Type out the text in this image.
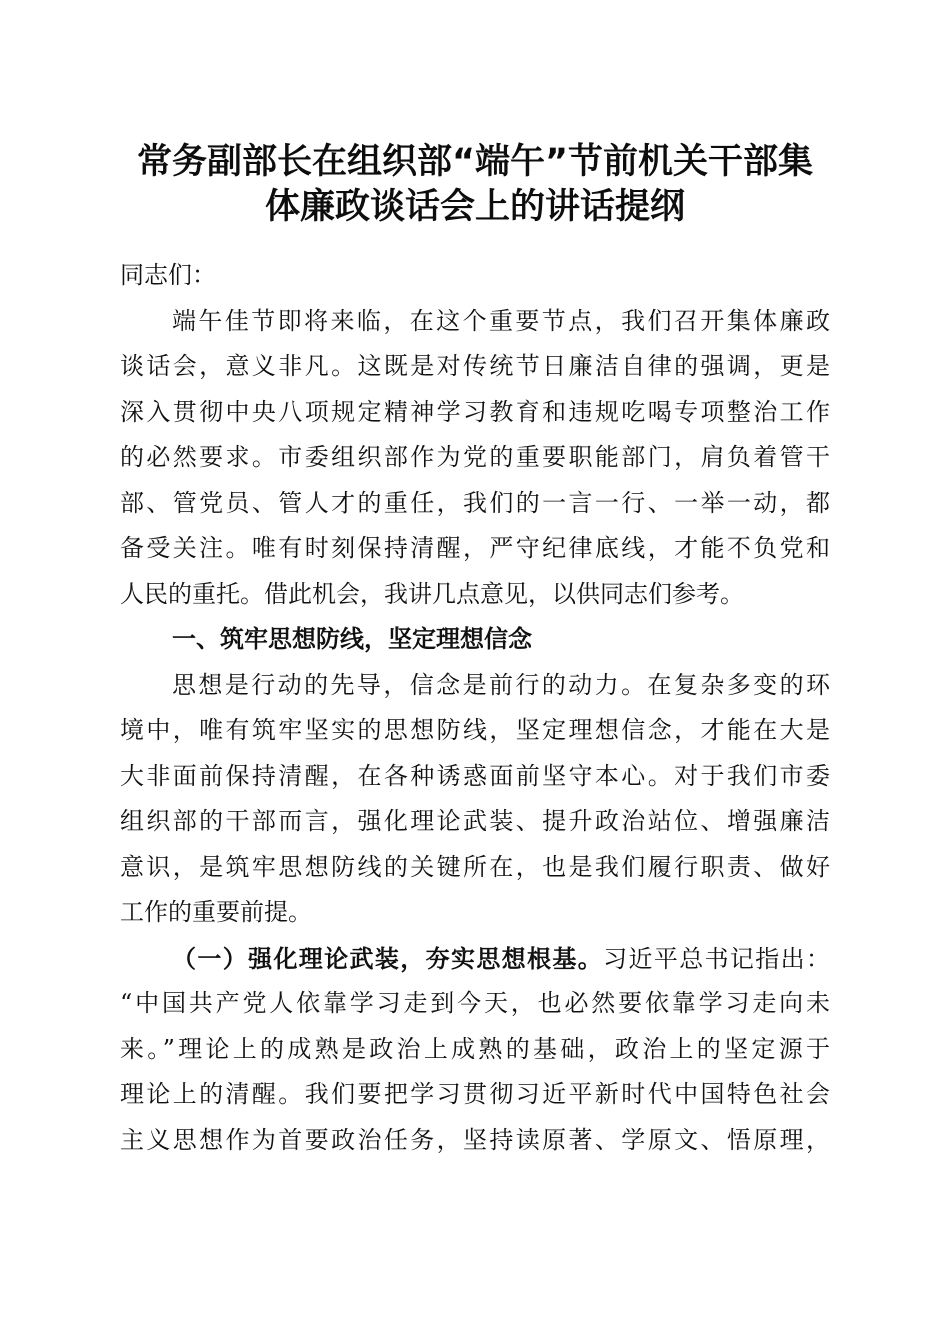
常务副部长在组织部“端午”节前机关干部集
体廉政谈话会上的讲话提纲
同志们：
端午佳节即将来临，在这个重要节点，我们召开集体廉政
谈话会，意义非凡。这既是对传统节日廉洁自律的强调，更是
深入贯彻中央八项规定精神学习教育和违规吃喝专项整治工作
的必然要求。市委组织部作为党的重要职能部门，肩负着管干
部、管党员、管人才的重任，我们的一言一行、一举一动，都
备受关注。唯有时刻保持清醒，严守纪律底线，才能不负党和
人民的重托。借此机会，我讲几点意见，以供同志们参考。
一、筑牢思想防线，坚定理想信念
思想是行动的先导，信念是前行的动力。在复杂多变的环
境中，唯有筑牢坚实的思想防线，坚定理想信念，才能在大是
大非面前保持清醒，在各种诱惑面前坚守本心。对于我们市委
组织部的干部而言，强化理论武装、提升政治站位、增强廉洁
意识，是筑牢思想防线的关键所在，也是我们履行职责、做好
工作的重要前提。
（一）强化理论武装，夯实思想根基。习近平总书记指出：
“中国共产党人依靠学习走到今天，也必然要依靠学习走向未
来。”理论上的成熟是政治上成熟的基础，政治上的坚定源于
理论上的清醒。我们要把学习贯彻习近平新时代中国特色社会
主义思想作为首要政治任务，坚持读原著、学原文、悟原理，
